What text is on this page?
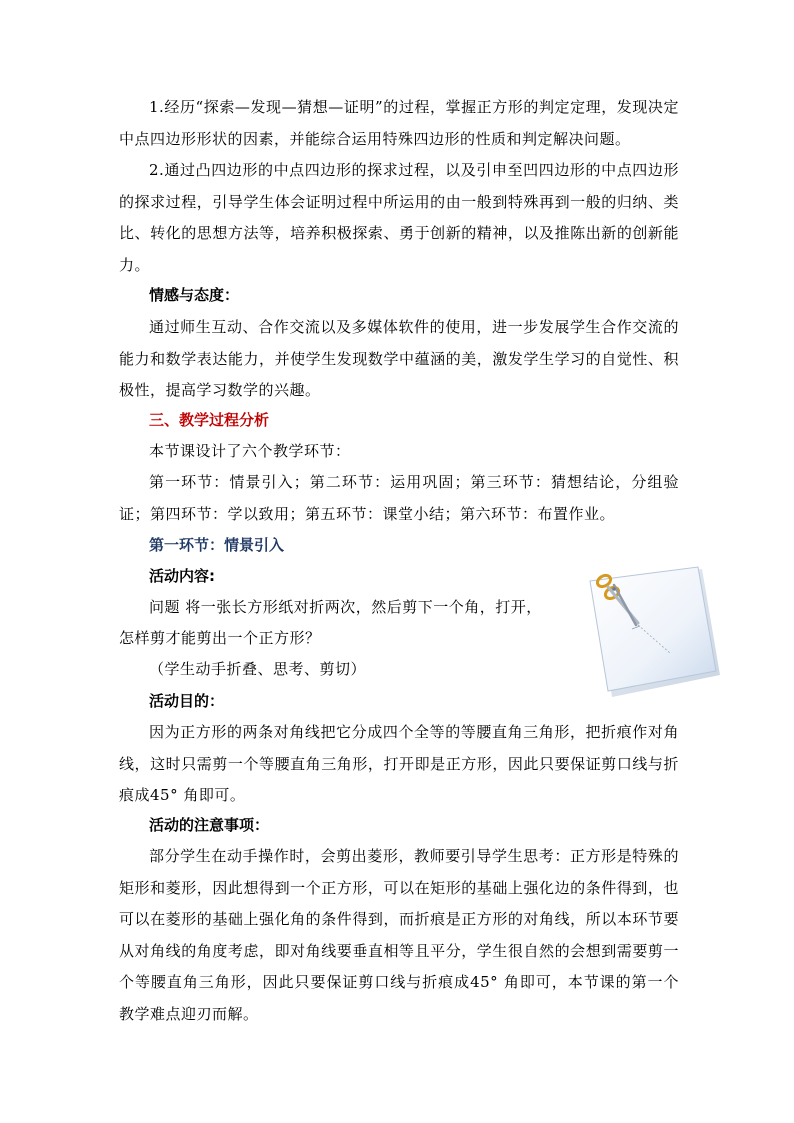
1.经历“探索—发现—猜想—证明”的过程，掌握正方形的判定定理，发现决定中点四边形形状的因素，并能综合运用特殊四边形的性质和判定解决问题。

2.通过凸四边形的中点四边形的探求过程，以及引申至凹四边形的中点四边形的探求过程，引导学生体会证明过程中所运用的由一般到特殊再到一般的归纳、类比、转化的思想方法等，培养积极探索、勇于创新的精神，以及推陈出新的创新能力。

情感与态度：

通过师生互动、合作交流以及多媒体软件的使用，进一步发展学生合作交流的能力和数学表达能力，并使学生发现数学中蕴涵的美，激发学生学习的自觉性、积极性，提高学习数学的兴趣。

三、教学过程分析

本节课设计了六个教学环节：

第一环节：情景引入；第二环节：运用巩固；第三环节：猜想结论，分组验证；第四环节：学以致用；第五环节：课堂小结；第六环节：布置作业。

第一环节：情景引入

活动内容:

问题 将一张长方形纸对折两次，然后剪下一个角，打开，

怎样剪才能剪出一个正方形？

（学生动手折叠、思考、剪切）

活动目的：

因为正方形的两条对角线把它分成四个全等的等腰直角三角形，把折痕作对角线，这时只需剪一个等腰直角三角形，打开即是正方形，因此只要保证剪口线与折痕成45° 角即可。

活动的注意事项：

部分学生在动手操作时，会剪出菱形，教师要引导学生思考：正方形是特殊的矩形和菱形，因此想得到一个正方形，可以在矩形的基础上强化边的条件得到，也可以在菱形的基础上强化角的条件得到，而折痕是正方形的对角线，所以本环节要从对角线的角度考虑，即对角线要垂直相等且平分，学生很自然的会想到需要剪一个等腰直角三角形，因此只要保证剪口线与折痕成45° 角即可，本节课的第一个教学难点迎刃而解。
